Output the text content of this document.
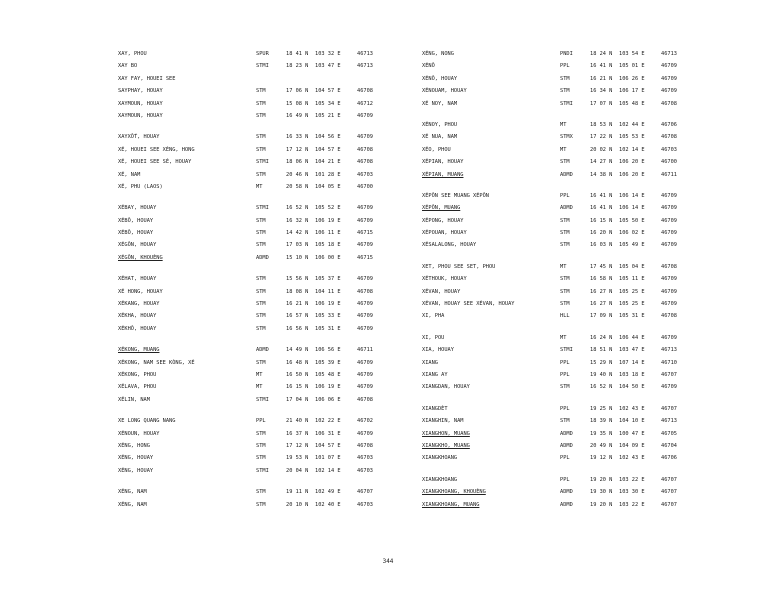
XAY, PHOU	SPUR	18 41 N 103 32 E	46713
XAY BO	STMI	18 23 N 103 47 E	46713
XAY FAY, HOUEI SEE
SAYPHAY, HOUAY	STM	17 06 N 104 57 E	46708
XAYMOUN, HOUAY	STM	15 08 N 105 34 E	46712
XAYMOUN, HOUAY	STM	16 49 N 105 21 E	46709
XAYXỐT, HOUAY	STM	16 33 N 104 56 E	46709
XÉ, HOUEI SEE XÉNG, HONG	STM	17 12 N 104 57 E	46708
XÉ, HOUEI SEE SÉ, HOUAY	STMI	18 06 N 104 21 E	46708
XÉ, NAM	STM	20 46 N 101 28 E	46703
XÉ, PHU (LAOS)	MT	20 58 N 104 05 E	46700
XÉBAY, HOUAY	STMI	16 52 N 105 52 E	46709
XÉBÔ, HOUAY	STM	16 32 N 106 19 E	46709
XÉBÔ, HOUAY	STM	14 42 N 106 11 E	46715
XÉGÔN, HOUAY	STM	17 03 N 105 18 E	46709
XÉGÔN, KHOUÈNG	ADMD	15 10 N 106 00 E	46715
XÉHAT, HOUAY	STM	15 56 N 105 37 E	46709
XÉ HONG, HOUAY	STM	18 08 N 104 11 E	46708
XÉKANG, HOUAY	STM	16 21 N 106 19 E	46709
XÉKHA, HOUAY	STM	16 57 N 105 33 E	46709
XÉKHÔ, HOUAY	STM	16 56 N 105 31 E	46709
XÉKONG, MUANG	ADMD	14 49 N 106 56 E	46711
XÉKONG, NAM SEE KÒNG, XÉ	STM	16 48 N 105 39 E	46709
XÉKONG, PHOU	MT	16 50 N 105 48 E	46709
XÉLAVA, PHOU	MT	16 15 N 106 19 E	46709
XÉLIN, NAM	STMI	17 04 N 106 06 E	46708
XE LONG QUANG NANG	PPL	21 40 N 102 22 E	46702
XÉNOUN, HOUAY	STM	16 37 N 106 31 E	46709
XÉNG, HONG	STM	17 12 N 104 57 E	46708
XÉNG, HOUAY	STM	19 53 N 101 07 E	46703
XÉNG, HOUAY	STMI	20 04 N 102 14 E	46703
XÉNG, NAM	STM	19 11 N 102 49 E	46707
XÉNG, NAM	STM	20 10 N 102 40 E	46703
XÉNG, NONG	PNDI	18 24 N 103 54 E	46713
XÉNÔ	PPL	16 41 N 105 01 E	46709
XÉNÔ, HOUAY	STM	16 21 N 106 26 E	46709
XÉNOUAM, HOUAY	STM	16 34 N 106 17 E	46709
XÉ NOY, NAM	STMI	17 07 N 105 48 E	46708
XÉNOY, PHOU	MT	18 53 N 102 44 E	46706
XÉ NUA, NAM	STMX	17 22 N 105 53 E	46708
XÉO, PHOU	MT	20 02 N 102 14 E	46703
XÉPIAN, HOUAY	STM	14 27 N 106 20 E	46700
XÉPIAN, MUANG	ADMD	14 38 N 106 20 E	46711
XÉPÔN SEE MUANG XÉPÔN	PPL	16 41 N 106 14 E	46709
XÉPÔN, MUANG	ADMD	16 41 N 106 14 E	46709
XÉPONG, HOUAY	STM	16 15 N 105 50 E	46709
XÉPOUAN, HOUAY	STM	16 20 N 106 02 E	46709
XÉSALALONG, HOUAY	STM	16 03 N 105 49 E	46709
XET, PHOU SEE SET, PHOU	MT	17 45 N 105 04 E	46708
XÉTHOUK, HOUAY	STM	16 58 N 105 11 E	46709
XÉVAN, HOUAY	STM	16 27 N 105 25 E	46709
XÉVAN, HOUAY SEE XÉVAN, HOUAY	STM	16 27 N 105 25 E	46709
XI, PHA	HLL	17 09 N 105 31 E	46708
XI, POU	MT	16 24 N 106 44 E	46709
XIA, HOUAY	STMI	18 51 N 103 47 E	46713
XIANG	PPL	15 29 N 107 14 E	46710
XIANG AY	PPL	19 40 N 103 18 E	46707
XIANGDAN, HOUAY	STM	16 52 N 104 50 E	46709
XIANGDÈT	PPL	19 25 N 102 43 E	46707
XIANGHIN, NAM	STM	18 39 N 104 10 E	46713
XIANGHON, MUANG	ADMD	19 35 N 100 47 E	46705
XIANGKHO, MUANG	ADMD	20 49 N 104 09 E	46704
XIANGKHOANG	PPL	19 12 N 102 43 E	46706
XIANGKHOANG	PPL	19 20 N 103 22 E	46707
XIANGKHOANG, KHOUÈNG	ADMD	19 30 N 103 30 E	46707
XIANGKHOANG, MUANG	ADMD	19 20 N 103 22 E	46707
344
